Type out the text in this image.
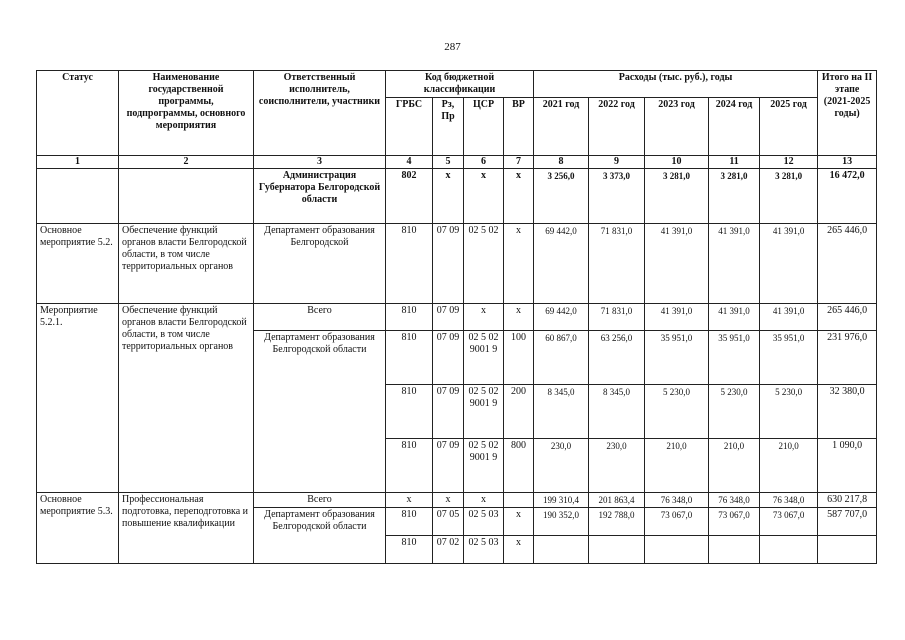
287
Статус	Наименование государственной программы, подпрограммы, основного мероприятия	Ответственный исполнитель, соисполнители, участники	Код бюджетной классификации				Расходы (тыс. руб.), годы					Итого на II этапе (2021-2025 годы)
			ГРБС	Рз, Пр	ЦСР	ВР	2021 год	2022 год	2023 год	2024 год	2025 год	
1	2	3	4	5	6	7	8	9	10	11	12	13
		Администрация Губернатора Белгородской области	802	х	х	х	3 256,0	3 373,0	3 281,0	3 281,0	3 281,0	16 472,0
Основное мероприятие 5.2.	Обеспечение функций органов власти Белгородской области, в том числе территориальных органов	Департамент образования Белгородской	810	07 09	02 5 02	х	69 442,0	71 831,0	41 391,0	41 391,0	41 391,0	265 446,0
Мероприятие 5.2.1.	Обеспечение функций органов власти Белгородской области, в том числе территориальных органов	Всего	810	07 09	х	х	69 442,0	71 831,0	41 391,0	41 391,0	41 391,0	265 446,0
		Департамент образования Белгородской области	810	07 09	02 5 02 9001 9	100	60 867,0	63 256,0	35 951,0	35 951,0	35 951,0	231 976,0
			810	07 09	02 5 02 9001 9	200	8 345,0	8 345,0	5 230,0	5 230,0	5 230,0	32 380,0
			810	07 09	02 5 02 9001 9	800	230,0	230,0	210,0	210,0	210,0	1 090,0
Основное мероприятие 5.3.	Профессиональная подготовка, переподготовка и повышение квалификации	Всего	х	х	х		199 310,4	201 863,4	76 348,0	76 348,0	76 348,0	630 217,8
		Департамент образования Белгородской области	810	07 05	02 5 03	х	190 352,0	192 788,0	73 067,0	73 067,0	73 067,0	587 707,0
			810	07 02	02 5 03	х						
